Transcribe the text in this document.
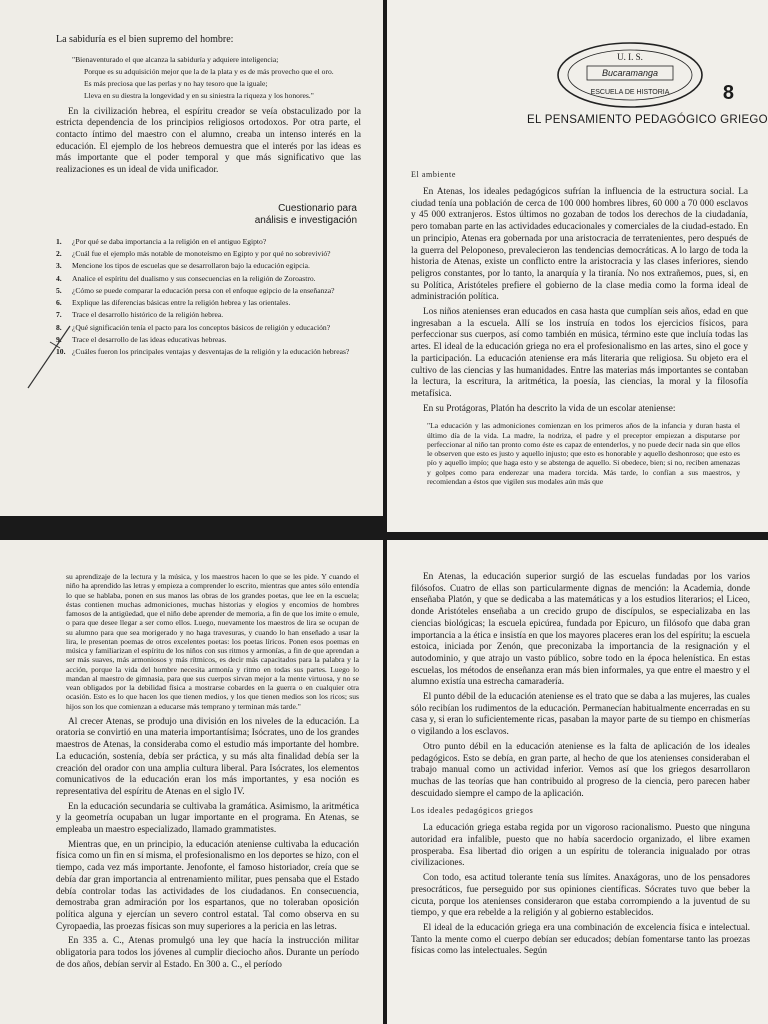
La sabiduría es el bien supremo del hombre:

"Bienaventurado el que alcanza la sabiduría y adquiere inteligencia;

Porque es su adquisición mejor que la de la plata y es de más provecho que el oro.

Es más preciosa que las perlas y no hay tesoro que la iguale;

Lleva en su diestra la longevidad y en su siniestra la riqueza y los honores."

En la civilización hebrea, el espíritu creador se veía obstaculizado por la estricta dependencia de los principios religiosos ortodoxos. Por otra parte, el contacto íntimo del maestro con el alumno, creaba un intenso interés en la educación. El ejemplo de los hebreos demuestra que el interés por las ideas es más importante que el poder temporal y que más significativo que las realizaciones es un ideal de vida unificador.

Cuestionario para
análisis e investigación
1. ¿Por qué se daba importancia a la religión en el antiguo Egipto?
2. ¿Cuál fue el ejemplo más notable de monoteísmo en Egipto y por qué no sobrevivió?
3. Mencione los tipos de escuelas que se desarrollaron bajo la educación egipcia.
4. Analice el espíritu del dualismo y sus consecuencias en la religión de Zoroastro.
5. ¿Cómo se puede comparar la educación persa con el enfoque egipcio de la enseñanza?
6. Explique las diferencias básicas entre la religión hebrea y las orientales.
7. Trace el desarrollo histórico de la religión hebrea.
8. ¿Qué significación tenía el pacto para los conceptos básicos de religión y educación?
9. Trace el desarrollo de las ideas educativas hebreas.
10. ¿Cuáles fueron los principales ventajas y desventajas de la religión y la educación hebreas?
U. I. S.
Bucaramanga
ESCUELA DE HISTORIA	8
EL PENSAMIENTO PEDAGÓGICO GRIEGO
El ambiente

En Atenas, los ideales pedagógicos sufrían la influencia de la estructura social. La ciudad tenía una población de cerca de 100 000 hombres libres, 60 000 a 70 000 esclavos y 45 000 extranjeros. Estos últimos no gozaban de todos los derechos de la ciudadanía, pero tomaban parte en las actividades educacionales y comerciales de la ciudad-estado. En un principio, Atenas era gobernada por una aristocracia de terratenientes, pero después de la guerra del Peloponeso, prevalecieron las tendencias democráticas. A lo largo de toda la historia de Atenas, existe un conflicto entre la aristocracia y las clases inferiores, siendo peligros constantes, por lo tanto, la anarquía y la tiranía. No nos extrañemos, pues, si, en su Política, Aristóteles prefiere el gobierno de la clase media como la forma ideal de administración política.

Los niños atenienses eran educados en casa hasta que cumplían seis años, edad en que ingresaban a la escuela. Allí se los instruía en todos los ejercicios físicos, para perfeccionar sus cuerpos, así como también en música, término este que incluía todas las artes. El ideal de la educación griega no era el profesionalismo en las artes, sino el goce y la participación. La educación ateniense era más literaria que religiosa. Su objeto era el cultivo de las ciencias y las humanidades. Entre las materias más importantes se contaban la lectura, la escritura, la aritmética, la poesía, las ciencias, la moral y la filosofía metafísica.

En su Protágoras, Platón ha descrito la vida de un escolar ateniense:

"La educación y las admoniciones comienzan en los primeros años de la infancia y duran hasta el último día de la vida. La madre, la nodriza, el padre y el preceptor empiezan a disputarse por perfeccionar al niño tan pronto como éste es capaz de entenderlos, y no puede decir nada sin que ellos le observen que esto es justo y aquello injusto; que esto es honorable y aquello deshonroso; que esto es pío y aquello impío; que haga esto y se abstenga de aquello. Si obedece, bien; si no, reciben amenazas y golpes como para enderezar una madera torcida. Más tarde, lo confían a sus maestros, y recomiendan a éstos que vigilen sus modales aún más que

su aprendizaje de la lectura y la música, y los maestros hacen lo que se les pide. Y cuando el niño ha aprendido las letras y empieza a comprender lo escrito, mientras que antes sólo entendía lo que se hablaba, ponen en sus manos las obras de los grandes poetas, que lee en la escuela; éstas contienen muchas admoniciones, muchas historias y elogios y encomios de hombres famosos de la antigüedad, que el niño debe aprender de memoria, a fin de que los imite o emule, o para que desee llegar a ser como ellos. Luego, nuevamente los maestros de lira se ocupan de su alumno para que sea morigerado y no haga travesuras, y cuando lo han enseñado a usar la lira, le presentan poemas de otros excelentes poetas: los poetas líricos. Ponen esos poemas en música y familiarizan el espíritu de los niños con sus ritmos y armonías, a fin de que aprendan a ser más suaves, más armoniosos y más rítmicos, es decir más capacitados para la palabra y la acción, porque la vida del hombre necesita armonía y ritmo en todas sus partes. Luego lo mandan al maestro de gimnasia, para que sus cuerpos sirvan mejor a la mente virtuosa, y no se vean obligados por la debilidad física a mostrarse cobardes en la guerra o en cualquier otra ocasión. Esto es lo que hacen los que tienen medios, y los que tienen medios son los ricos; sus hijos son los que comienzan a educarse más temprano y terminan más tarde."

Al crecer Atenas, se produjo una división en los niveles de la educación. La oratoria se convirtió en una materia importantísima; Isócrates, uno de los grandes maestros de Atenas, la consideraba como el estudio más importante del hombre. La educación, sostenía, debía ser práctica, y su más alta finalidad debía ser la creación del orador con una amplia cultura liberal. Para Isócrates, los elementos comunicativos de la educación eran los más importantes, y esa noción es representativa del espíritu de Atenas en el siglo IV.

En la educación secundaria se cultivaba la gramática. Asimismo, la aritmética y la geometría ocupaban un lugar importante en el programa. En Atenas, se empleaba un maestro especializado, llamado grammatistes.

Mientras que, en un principio, la educación ateniense cultivaba la educación física como un fin en sí misma, el profesionalismo en los deportes se hizo, con el tiempo, cada vez más importante. Jenofonte, el famoso historiador, creía que se debía dar gran importancia al entrenamiento militar, pues pensaba que el Estado debía controlar todas las actividades de los ciudadanos. En consecuencia, demostraba gran admiración por los espartanos, que no toleraban oposición política alguna y ejercían un severo control estatal. Tal como observa en su Cyropaedia, las proezas físicas son muy superiores a la pericia en las letras.

En 335 a. C., Atenas promulgó una ley que hacía la instrucción militar obligatoria para todos los jóvenes al cumplir dieciocho años. Durante un período de dos años, debían servir al Estado. En 300 a. C., el período

En Atenas, la educación superior surgió de las escuelas fundadas por los varios filósofos. Cuatro de ellas son particularmente dignas de mención: la Academia, donde enseñaba Platón, y que se dedicaba a las matemáticas y a los estudios literarios; el Liceo, donde Aristóteles enseñaba a un crecido grupo de discípulos, se especializaba en las ciencias biológicas; la escuela epicúrea, fundada por Epicuro, un filósofo que daba gran importancia a la ética e insistía en que los mayores placeres eran los del espíritu; la escuela estoica, iniciada por Zenón, que preconizaba la importancia de la resignación y el autodominio, y que atrajo un vasto público, sobre todo en la época helenística. En estas escuelas, los métodos de enseñanza eran más bien informales, ya que entre el maestro y el alumno existía una estrecha camaradería.

El punto débil de la educación ateniense es el trato que se daba a las mujeres, las cuales sólo recibían los rudimentos de la educación. Permanecían habitualmente encerradas en su casa y, si eran lo suficientemente ricas, pasaban la mayor parte de su tiempo en chismerías o vigilando a los esclavos.

Otro punto débil en la educación ateniense es la falta de aplicación de los ideales pedagógicos. Esto se debía, en gran parte, al hecho de que los atenienses consideraban el trabajo manual como un actividad inferior. Vemos así que los griegos desarrollaron muchas de las teorías que han contribuido al progreso de la ciencia, pero parecen haber descuidado siempre el campo de la aplicación.

Los ideales pedagógicos griegos

La educación griega estaba regida por un vigoroso racionalismo. Puesto que ninguna autoridad era infalible, puesto que no había sacerdocio organizado, el libre examen prosperaba. Esa libertad dio origen a un espíritu de tolerancia inigualado por otras civilizaciones.

Con todo, esa actitud tolerante tenía sus límites. Anaxágoras, uno de los pensadores presocráticos, fue perseguido por sus opiniones científicas. Sócrates tuvo que beber la cicuta, porque los atenienses consideraron que estaba corrompiendo a la juventud de su tiempo, y que era rebelde a la religión y al gobierno establecidos.

El ideal de la educación griega era una combinación de excelencia física e intelectual. Tanto la mente como el cuerpo debían ser educados; debían fomentarse tanto las proezas físicas como las intelectuales. Según
